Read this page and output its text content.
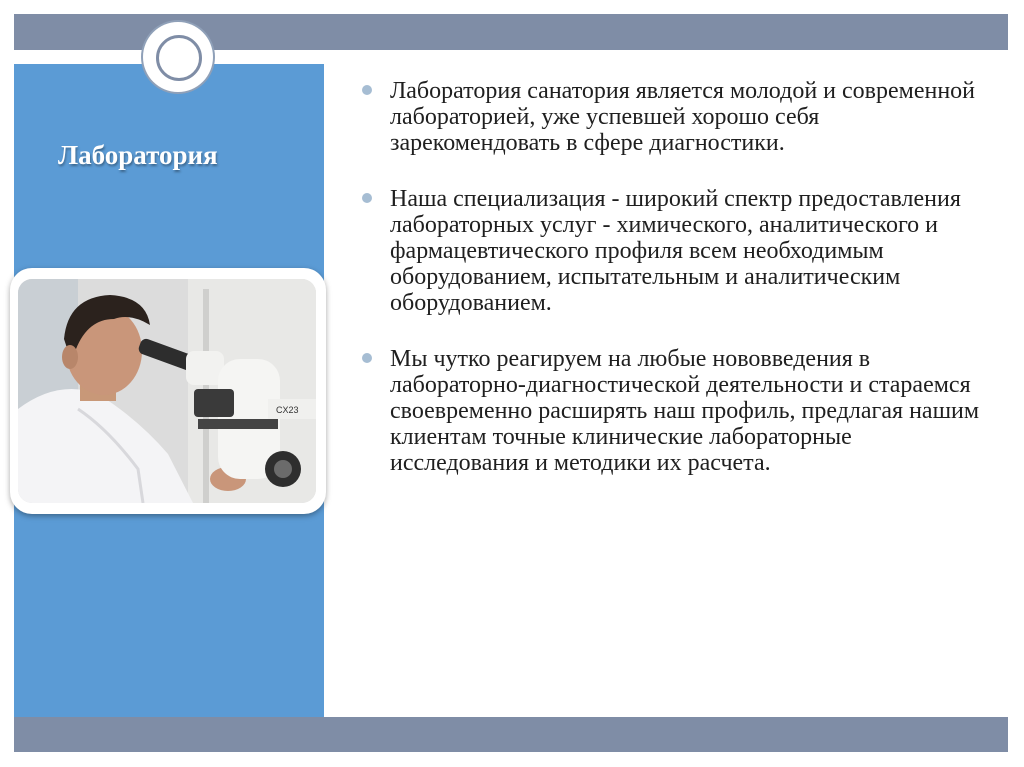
Лаборатория
CX23
Лаборатория санатория является молодой и современной лабораторией, уже успевшей хорошо себя зарекомендовать в сфере диагностики.
Наша специализация - широкий спектр предоставления лабораторных услуг - химического, аналитического и фармацевтического профиля всем необходимым оборудованием, испытательным и аналитическим оборудованием.
Мы чутко реагируем на любые нововведения в лабораторно-диагностической деятельности и стараемся своевременно расширять наш профиль, предлагая нашим клиентам точные клинические лабораторные исследования и методики их расчета.
